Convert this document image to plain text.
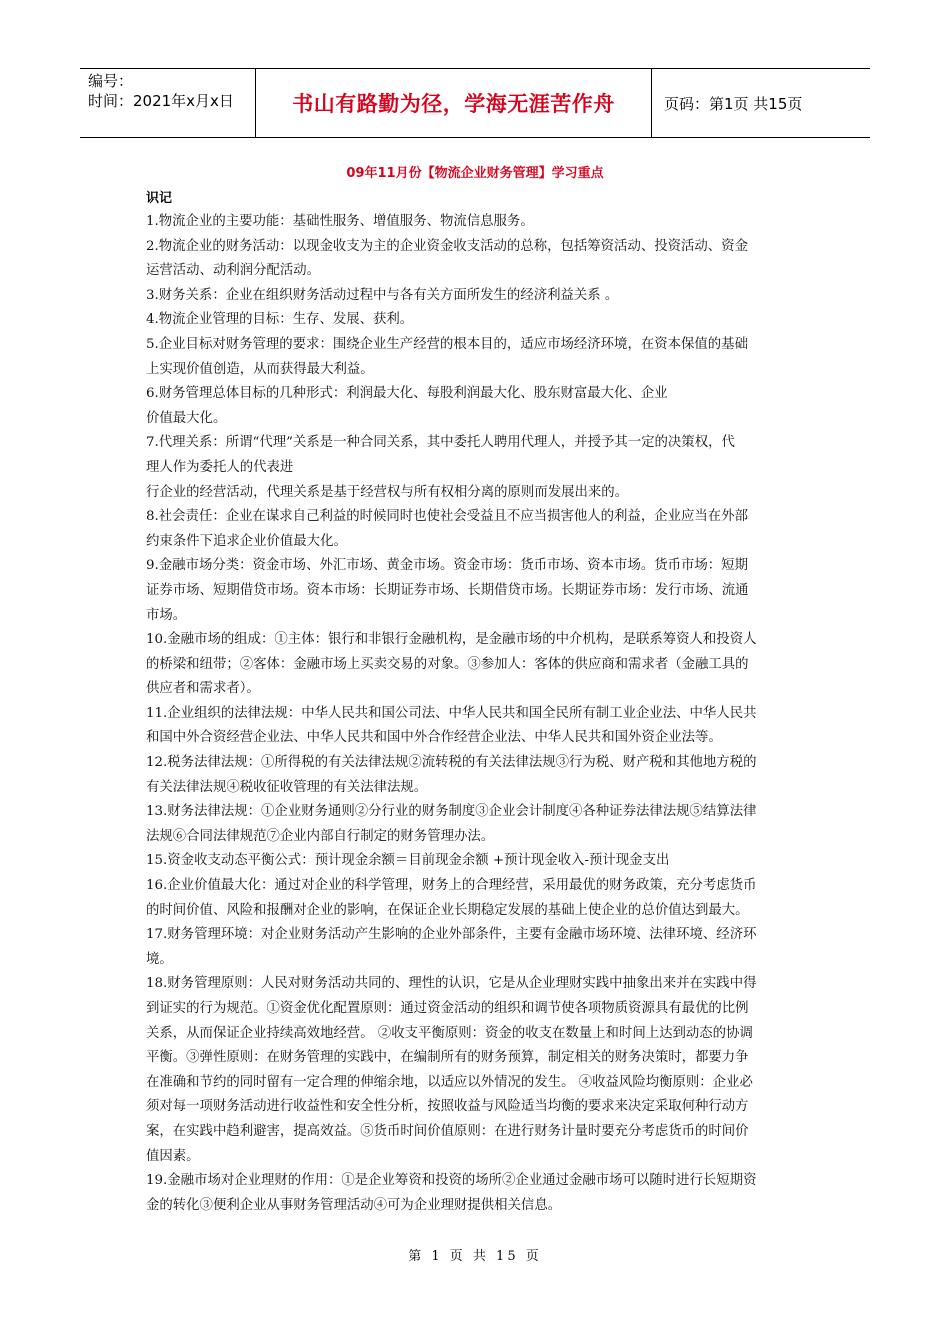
编号：
时间：2021年x月x日	书山有路勤为径，学海无涯苦作舟	页码：第1页 共15页
09年11月份【物流企业财务管理】学习重点
识记

1.物流企业的主要功能：基础性服务、增值服务、物流信息服务。

2.物流企业的财务活动：以现金收支为主的企业资金收支活动的总称，包括筹资活动、投资活动、资金

运营活动、动利润分配活动。

3.财务关系：企业在组织财务活动过程中与各有关方面所发生的经济利益关系 。

4.物流企业管理的目标：生存、发展、获利。

5.企业目标对财务管理的要求：围绕企业生产经营的根本目的，适应市场经济环境，在资本保值的基础

上实现价值创造，从而获得最大利益。

6.财务管理总体目标的几种形式：利润最大化、每股利润最大化、股东财富最大化、企业

价值最大化。

7.代理关系：所谓“代理”关系是一种合同关系，其中委托人聘用代理人，并授予其一定的决策权，代

理人作为委托人的代表进

行企业的经营活动，代理关系是基于经营权与所有权相分离的原则而发展出来的。

8.社会责任：企业在谋求自己利益的时候同时也使社会受益且不应当损害他人的利益，企业应当在外部

约束条件下追求企业价值最大化。

9.金融市场分类：资金市场、外汇市场、黄金市场。资金市场：货币市场、资本市场。货币市场：短期

证券市场、短期借贷市场。资本市场：长期证券市场、长期借贷市场。长期证券市场：发行市场、流通

市场。

10.金融市场的组成：①主体：银行和非银行金融机构，是金融市场的中介机构，是联系筹资人和投资人

的桥梁和纽带；②客体：金融市场上买卖交易的对象。③参加人：客体的供应商和需求者（金融工具的

供应者和需求者）。

11.企业组织的法律法规：中华人民共和国公司法、中华人民共和国全民所有制工业企业法、中华人民共

和国中外合资经营企业法、中华人民共和国中外合作经营企业法、中华人民共和国外资企业法等。

12.税务法律法规：①所得税的有关法律法规②流转税的有关法律法规③行为税、财产税和其他地方税的

有关法律法规④税收征收管理的有关法律法规。

13.财务法律法规：①企业财务通则②分行业的财务制度③企业会计制度④各种证券法律法规⑤结算法律

法规⑥合同法律规范⑦企业内部自行制定的财务管理办法。

15.资金收支动态平衡公式：预计现金余额＝目前现金余额 +预计现金收入-预计现金支出

16.企业价值最大化：通过对企业的科学管理，财务上的合理经营，采用最优的财务政策，充分考虑货币

的时间价值、风险和报酬对企业的影响，在保证企业长期稳定发展的基础上使企业的总价值达到最大。

17.财务管理环境：对企业财务活动产生影响的企业外部条件，主要有金融市场环境、法律环境、经济环

境。

18.财务管理原则：人民对财务活动共同的、理性的认识，它是从企业理财实践中抽象出来并在实践中得

到证实的行为规范。①资金优化配置原则：通过资金活动的组织和调节使各项物质资源具有最优的比例

关系，从而保证企业持续高效地经营。 ②收支平衡原则：资金的收支在数量上和时间上达到动态的协调

平衡。③弹性原则：在财务管理的实践中，在编制所有的财务预算，制定相关的财务决策时，都要力争

在准确和节约的同时留有一定合理的伸缩余地，以适应以外情况的发生。 ④收益风险均衡原则：企业必

须对每一项财务活动进行收益性和安全性分析，按照收益与风险适当均衡的要求来决定采取何种行动方

案，在实践中趋利避害，提高效益。⑤货币时间价值原则：在进行财务计量时要充分考虑货币的时间价

值因素。

19.金融市场对企业理财的作用：①是企业筹资和投资的场所②企业通过金融市场可以随时进行长短期资

金的转化③便利企业从事财务管理活动④可为企业理财提供相关信息。

第 1 页 共 15 页
